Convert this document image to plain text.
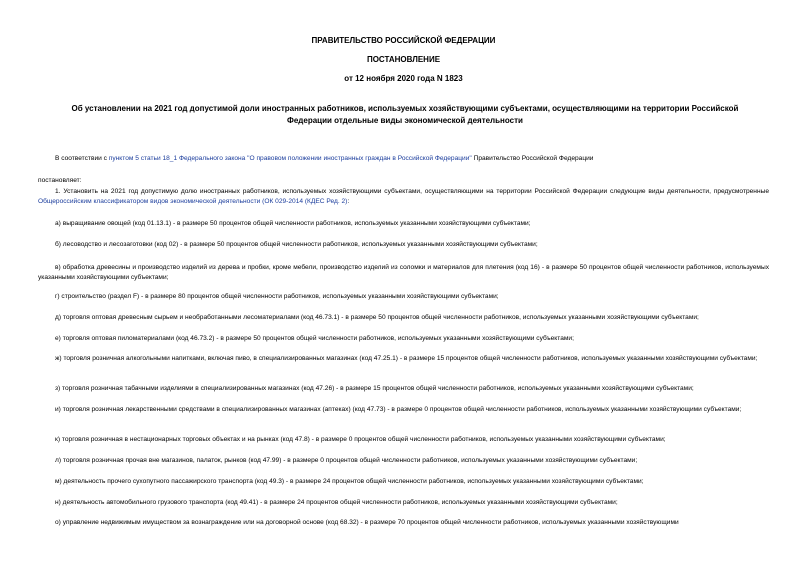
ПРАВИТЕЛЬСТВО РОССИЙСКОЙ ФЕДЕРАЦИИ
ПОСТАНОВЛЕНИЕ
от 12 ноября 2020 года N 1823
Об установлении на 2021 год допустимой доли иностранных работников, используемых хозяйствующими субъектами, осуществляющими на территории Российской Федерации отдельные виды экономической деятельности
В соответствии с пунктом 5 статьи 18_1 Федерального закона "О правовом положении иностранных граждан в Российской Федерации" Правительство Российской Федерации
постановляет:
1. Установить на 2021 год допустимую долю иностранных работников, используемых хозяйствующими субъектами, осуществляющими на территории Российской Федерации следующие виды деятельности, предусмотренные Общероссийским классификатором видов экономической деятельности (ОК 029-2014 (КДЕС Ред. 2):
а) выращивание овощей (код 01.13.1) - в размере 50 процентов общей численности работников, используемых указанными хозяйствующими субъектами;
б) лесоводство и лесозаготовки (код 02) - в размере 50 процентов общей численности работников, используемых указанными хозяйствующими субъектами;
в) обработка древесины и производство изделий из дерева и пробки, кроме мебели, производство изделий из соломки и материалов для плетения (код 16) - в размере 50 процентов общей численности работников, используемых указанными хозяйствующими субъектами;
г) строительство (раздел F) - в размере 80 процентов общей численности работников, используемых указанными хозяйствующими субъектами;
д) торговля оптовая древесным сырьем и необработанными лесоматериалами (код 46.73.1) - в размере 50 процентов общей численности работников, используемых указанными хозяйствующими субъектами;
е) торговля оптовая пиломатериалами (код 46.73.2) - в размере 50 процентов общей численности работников, используемых указанными хозяйствующими субъектами;
ж) торговля розничная алкогольными напитками, включая пиво, в специализированных магазинах (код 47.25.1) - в размере 15 процентов общей численности работников, используемых указанными хозяйствующими субъектами;
з) торговля розничная табачными изделиями в специализированных магазинах (код 47.26) - в размере 15 процентов общей численности работников, используемых указанными хозяйствующими субъектами;
и) торговля розничная лекарственными средствами в специализированных магазинах (аптеках) (код 47.73) - в размере 0 процентов общей численности работников, используемых указанными хозяйствующими субъектами;
к) торговля розничная в нестационарных торговых объектах и на рынках (код 47.8) - в размере 0 процентов общей численности работников, используемых указанными хозяйствующими субъектами;
л) торговля розничная прочая вне магазинов, палаток, рынков (код 47.99) - в размере 0 процентов общей численности работников, используемых указанными хозяйствующими субъектами;
м) деятельность прочего сухопутного пассажирского транспорта (код 49.3) - в размере 24 процентов общей численности работников, используемых указанными хозяйствующими субъектами;
н) деятельность автомобильного грузового транспорта (код 49.41) - в размере 24 процентов общей численности работников, используемых указанными хозяйствующими субъектами;
о) управление недвижимым имуществом за вознаграждение или на договорной основе (код 68.32) - в размере 70 процентов общей численности работников, используемых указанными хозяйствующими
